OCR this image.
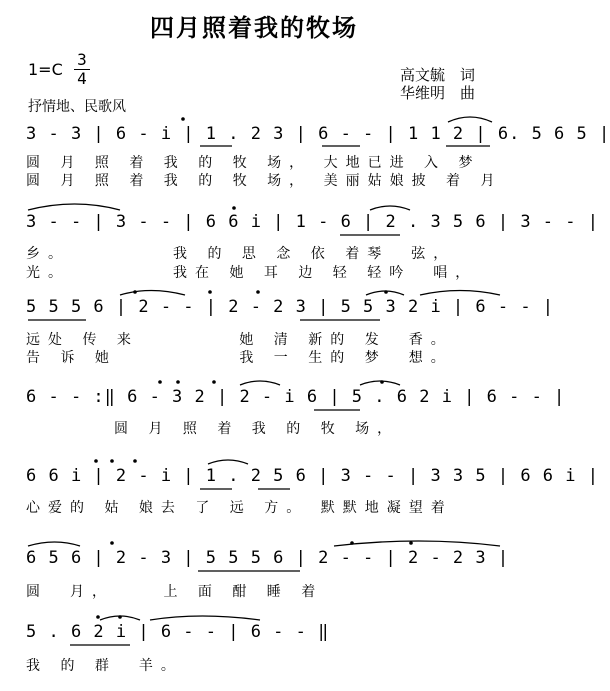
四月照着我的牧场
1=C
3
4	高文毓　词
华维明　曲
抒情地、民歌风
3 - 3 | 6 - i | 1 . 2 3 | 6 - - | 1 1 2 | 6. 5 6 5 |
圆 月 照 着 我 的 牧 场， 大地已进 入 梦
圆 月 照 着 我 的 牧 场， 美丽姑娘披 着 月
3 - - | 3 - - | 6 6 i | 1 - 6 | 2 . 3 5 6 | 3 - - |
乡。　　　　　我 的 思 念 依 着琴　弦，
光。　　　　　我在 她 耳 边 轻 轻吟　唱，
5 5 5 6 | 2 - - | 2 - 2 3 | 5 5 3 2 i | 6 - - |
远处 传 来　　　　 她 清 新的 发　香。
告 诉 她　　　　　 我 一 生的 梦　想。
6 - - :‖ 6 - 3 2 | 2 - i 6 | 5 . 6 2 i | 6 - - |
　　　　圆 月 照 着 我 的 牧 场，
6 6 i | 2 - i | 1 . 2 5 6 | 3 - - | 3 3 5 | 6 6 i |
心爱的 姑 娘去 了 远 方。 默默地凝望着
6 5 6 | 2 - 3 | 5 5 5 6 | 2 - - | 2 - 2 3 |
圆　月，　　 上 面 酣 睡 着
5 . 6 2 i | 6 - - | 6 - - ‖
我 的 群　羊。
